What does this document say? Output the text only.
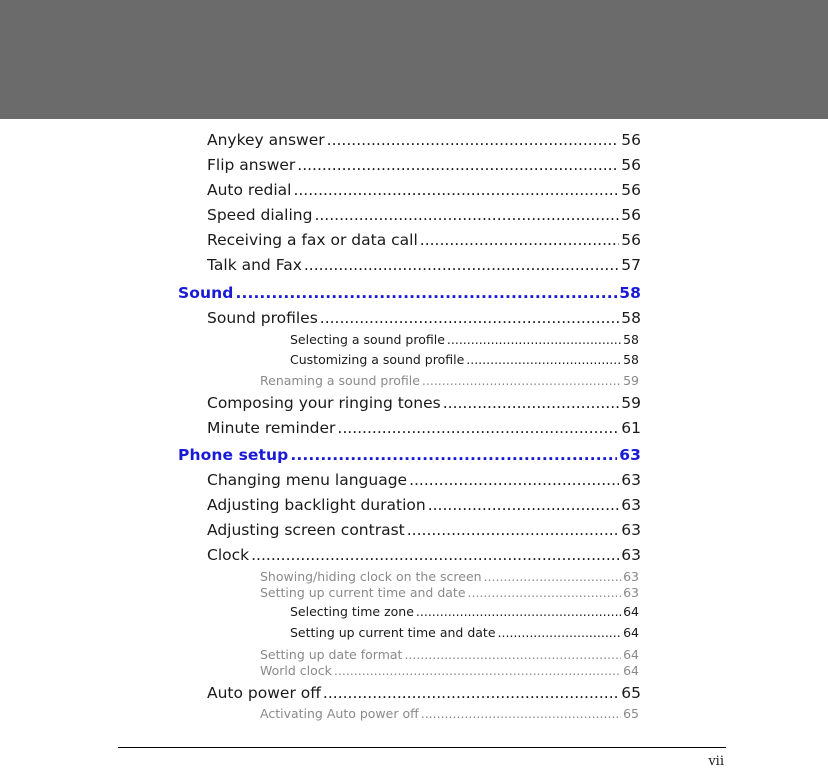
Anykey answer .....	56
Flip answer .....	56
Auto redial .....	56
Speed dialing .....	56
Receiving a fax or data call .....	56
Talk and Fax .....	57
Sound .....	58
Sound profiles .....	58
Selecting a sound profile .....	58
Customizing a sound profile .....	58
Renaming a sound profile .....	59
Composing your ringing tones .....	59
Minute reminder .....	61
Phone setup .....	63
Changing menu language .....	63
Adjusting backlight duration .....	63
Adjusting screen contrast .....	63
Clock .....	63
Showing/hiding clock on the screen .....	63
Setting up current time and date .....	63
Selecting time zone .....	64
Setting up current time and date .....	64
Setting up date format .....	64
World clock .....	64
Auto power off .....	65
Activating Auto power off .....	65
vii
